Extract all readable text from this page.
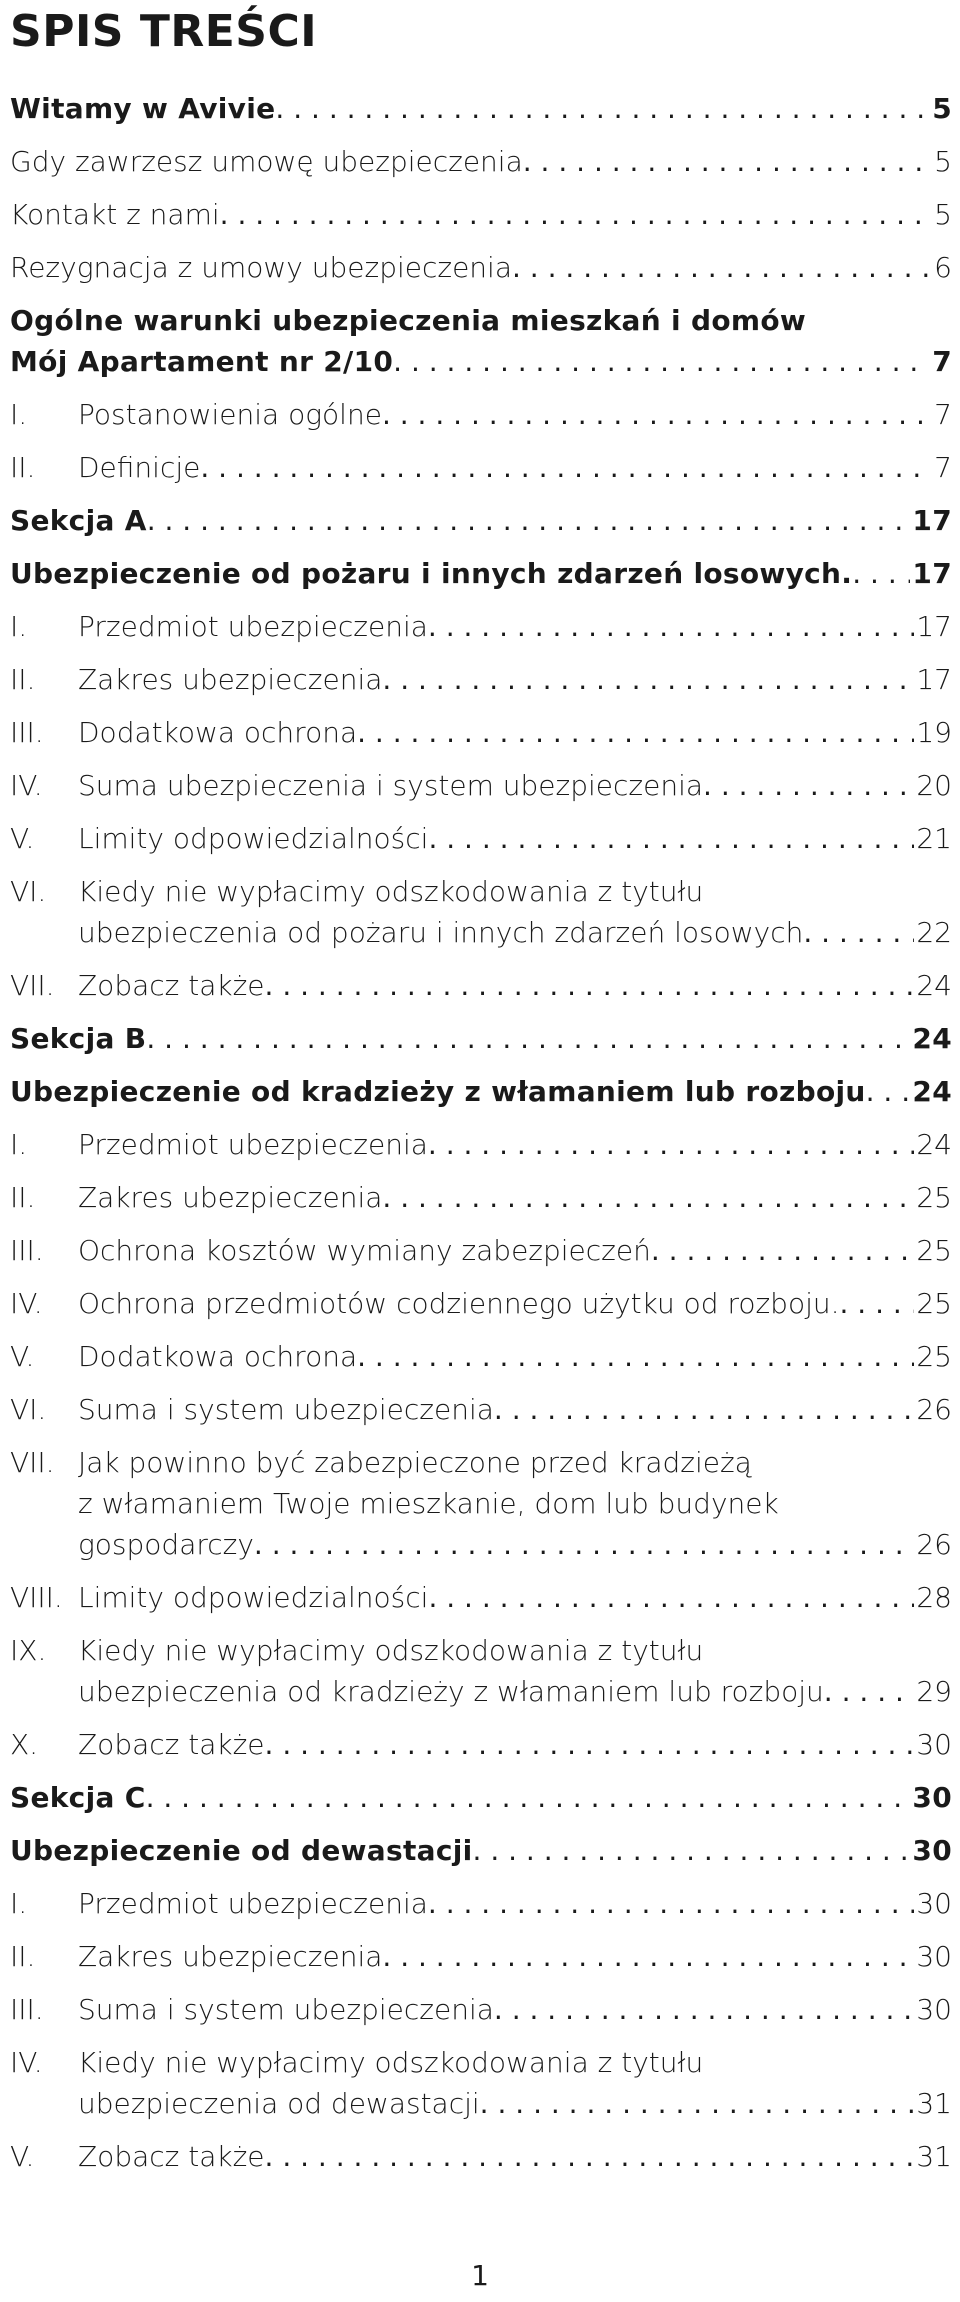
SPIS TREŚCI
Witamy w Avivie . . .	5
Gdy zawrzesz umowę ubezpieczenia . . .	5
Kontakt z nami . . .	5
Rezygnacja z umowy ubezpieczenia . . .	6
Ogólne warunki ubezpieczenia mieszkań i domów
Mój Apartament nr 2/10 . . .	7
I.	Postanowienia ogólne . . .	7
II.	Definicje . . .	7
Sekcja A . . .	17
Ubezpieczenie od pożaru i innych zdarzeń losowych. . . . 17
I.	Przedmiot ubezpieczenia . . .	17
II.	Zakres ubezpieczenia . . .	17
III.	Dodatkowa ochrona . . .	19
IV.	Suma ubezpieczenia i system ubezpieczenia . . .	20
V.	Limity odpowiedzialności . . .	21
VI.	Kiedy nie wypłacimy odszkodowania z tytułu
ubezpieczenia od pożaru i innych zdarzeń losowych . . .	22
VII. Zobacz także . . .	24
Sekcja B . . .	24
Ubezpieczenie od kradzieży z włamaniem lub rozboju . . . 24
I.	Przedmiot ubezpieczenia . . .	24
II.	Zakres ubezpieczenia . . .	25
III.	Ochrona kosztów wymiany zabezpieczeń . . .	25
IV.	Ochrona przedmiotów codziennego użytku od rozboju. . . .	25
V.	Dodatkowa ochrona . . .	25
VI.	Suma i system ubezpieczenia . . .	26
VII. Jak powinno być zabezpieczone przed kradzieżą
z włamaniem Twoje mieszkanie, dom lub budynek
gospodarczy . . .	26
VIII. Limity odpowiedzialności . . .	28
IX.	Kiedy nie wypłacimy odszkodowania z tytułu
ubezpieczenia od kradzieży z włamaniem lub rozboju . . .	29
X.	Zobacz także . . .	30
Sekcja C . . .	30
Ubezpieczenie od dewastacji . . .	30
I.	Przedmiot ubezpieczenia . . .	30
II.	Zakres ubezpieczenia . . .	30
III.	Suma i system ubezpieczenia . . .	30
IV.	Kiedy nie wypłacimy odszkodowania z tytułu
ubezpieczenia od dewastacji . . .	31
V.	Zobacz także . . .	31
1
